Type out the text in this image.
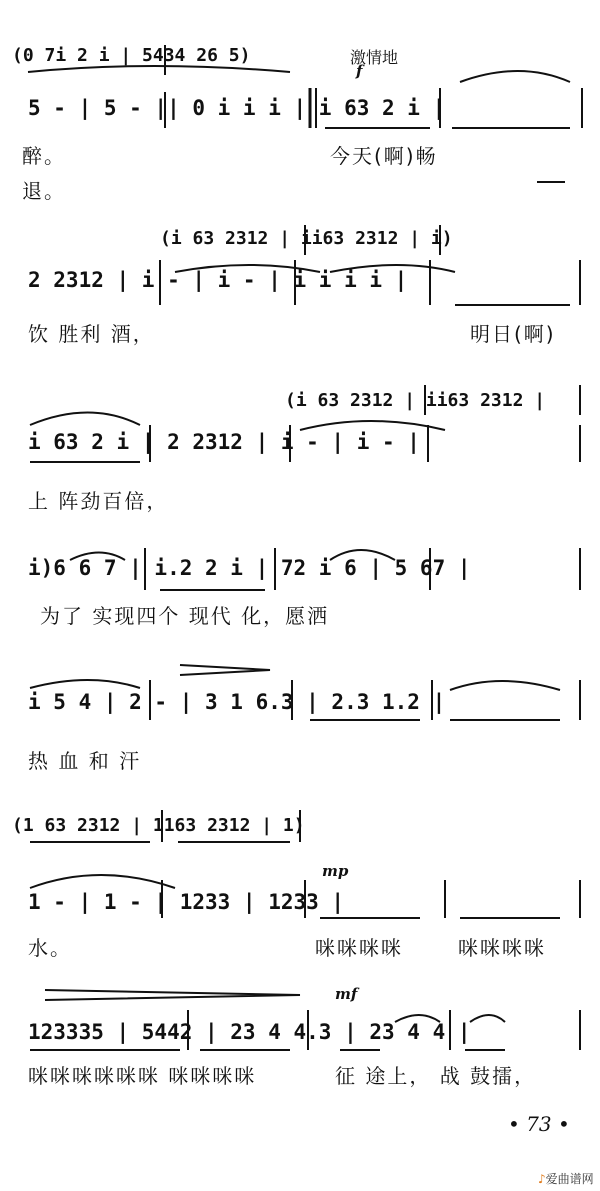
(0 7i 2 i | 5434 26 5)	激情地
f
5 - | 5 - || 0 i i i | i 63 2 i |
醉。
退。
今天(啊)畅
(i 63 2312 | ii63 2312 | i)
2 2312 | i - | i - | i i i i |
饮 胜利 酒，	明日(啊)
(i 63 2312 | ii63 2312 |
i 63 2 i | 2 2312 | i - | i - |
上 阵劲百倍，
i)6 6 7 | i.2 2 i | 72 i 6 | 5 67 |
为了 实现四个 现代 化，愿洒
i 5 4 | 2 - | 3 1 6.3 | 2.3 1.2 |
热 血 和 汗
(1 63 2312 | 1163 2312 | 1)
mp
1 - | 1 - | 1233 | 1233 |
水。	咪咪咪咪	咪咪咪咪
mf
123335 | 5442 | 23 4 4.3 | 23 4 4 |
咪咪咪咪咪咪 咪咪咪咪	征 途上， 战 鼓擂，
• 73 •
♪爱曲谱网
